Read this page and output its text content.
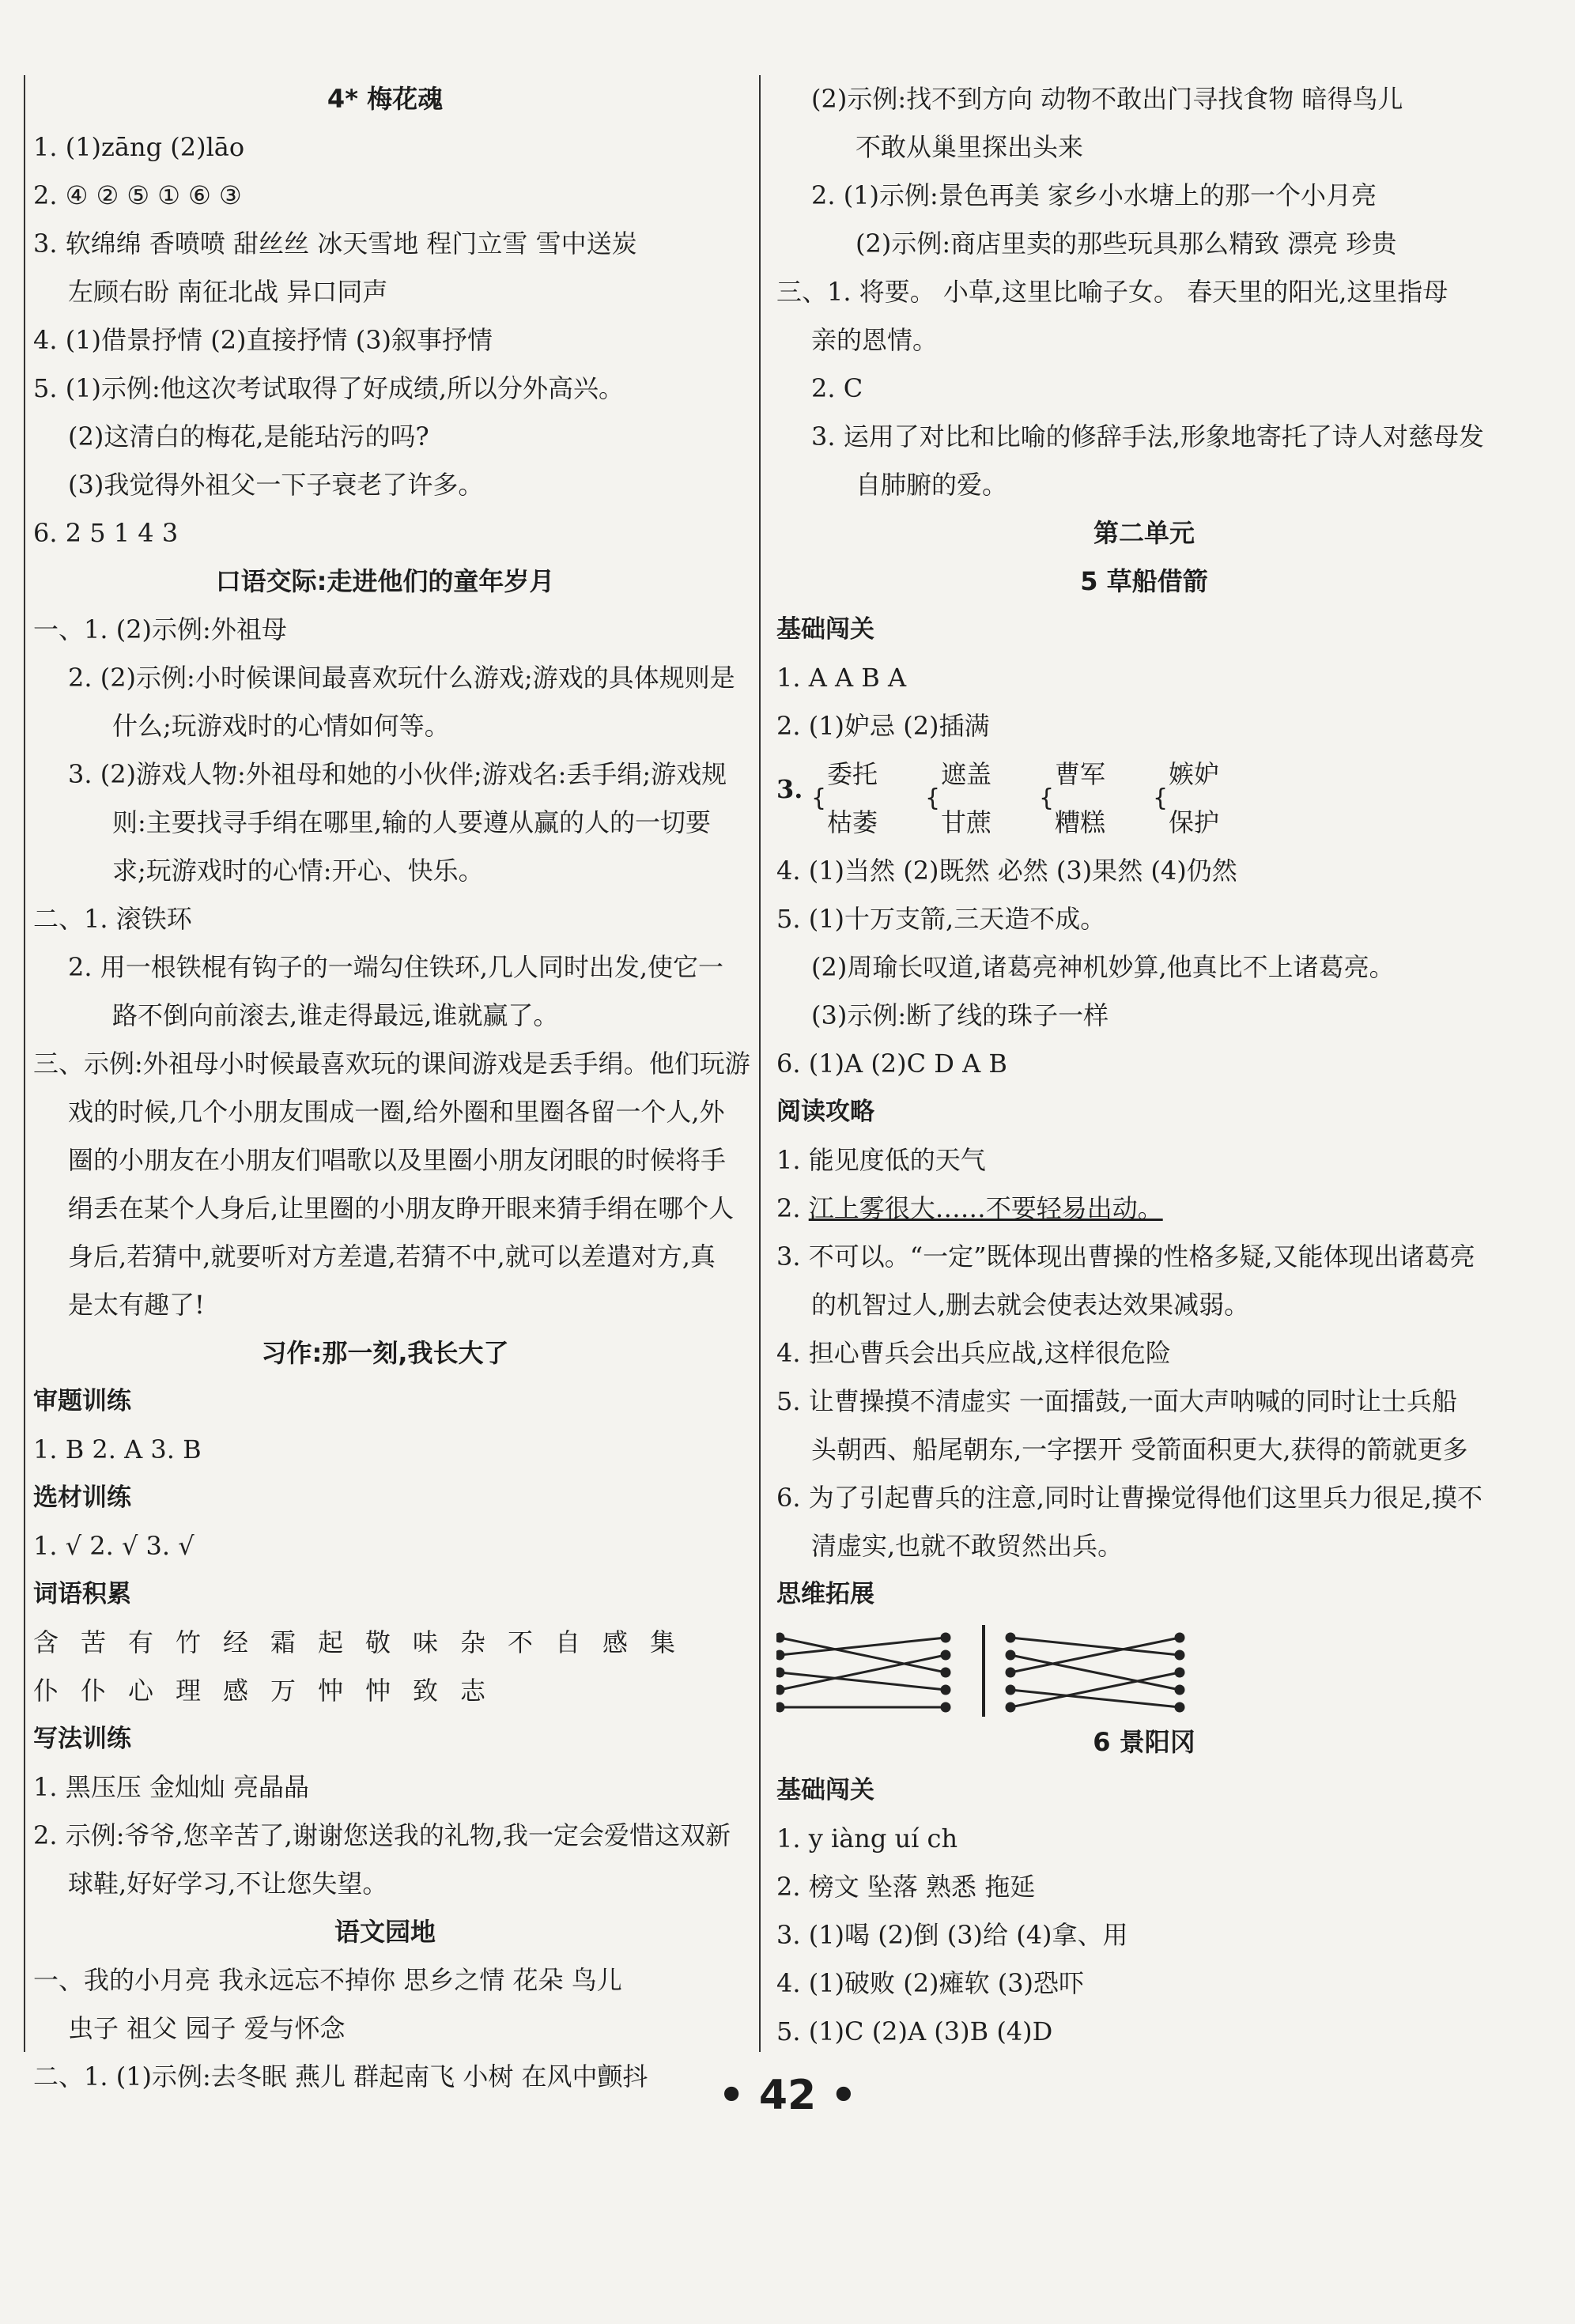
4* 梅花魂
1. (1)zāng (2)lāo
2. ④ ② ⑤ ① ⑥ ③
3. 软绵绵 香喷喷 甜丝丝 冰天雪地 程门立雪 雪中送炭
左顾右盼 南征北战 异口同声
4. (1)借景抒情 (2)直接抒情 (3)叙事抒情
5. (1)示例:他这次考试取得了好成绩,所以分外高兴。
(2)这清白的梅花,是能玷污的吗?
(3)我觉得外祖父一下子衰老了许多。
6. 2 5 1 4 3
口语交际:走进他们的童年岁月
一、1. (2)示例:外祖母
2. (2)示例:小时候课间最喜欢玩什么游戏;游戏的具体规则是
什么;玩游戏时的心情如何等。
3. (2)游戏人物:外祖母和她的小伙伴;游戏名:丢手绢;游戏规
则:主要找寻手绢在哪里,输的人要遵从赢的人的一切要
求;玩游戏时的心情:开心、快乐。
二、1. 滚铁环
2. 用一根铁棍有钩子的一端勾住铁环,几人同时出发,使它一
路不倒向前滚去,谁走得最远,谁就赢了。
三、示例:外祖母小时候最喜欢玩的课间游戏是丢手绢。他们玩游
戏的时候,几个小朋友围成一圈,给外圈和里圈各留一个人,外
圈的小朋友在小朋友们唱歌以及里圈小朋友闭眼的时候将手
绢丢在某个人身后,让里圈的小朋友睁开眼来猜手绢在哪个人
身后,若猜中,就要听对方差遣,若猜不中,就可以差遣对方,真
是太有趣了!
习作:那一刻,我长大了
审题训练
1. B 2. A 3. B
选材训练
1. √ 2. √ 3. √
词语积累
含苦有竹经霜起敬味杂不自感集
仆仆心理感万忡忡致志
写法训练
1. 黑压压 金灿灿 亮晶晶
2. 示例:爷爷,您辛苦了,谢谢您送我的礼物,我一定会爱惜这双新
球鞋,好好学习,不让您失望。
语文园地
一、我的小月亮 我永远忘不掉你 思乡之情 花朵 鸟儿
虫子 祖父 园子 爱与怀念
二、1. (1)示例:去冬眠 燕儿 群起南飞 小树 在风中颤抖
(2)示例:找不到方向 动物不敢出门寻找食物 暗得鸟儿
不敢从巢里探出头来
2. (1)示例:景色再美 家乡小水塘上的那一个小月亮
(2)示例:商店里卖的那些玩具那么精致 漂亮 珍贵
三、1. 将要。 小草,这里比喻子女。 春天里的阳光,这里指母
亲的恩情。
2. C
3. 运用了对比和比喻的修辞手法,形象地寄托了诗人对慈母发
自肺腑的爱。
第二单元
5 草船借箭
基础闯关
1. A A B A
2. (1)妒忌 (2)插满
3. {
委托
枯萎
{
遮盖
甘蔗
{
曹军
糟糕
{
嫉妒
保护
4. (1)当然 (2)既然 必然 (3)果然 (4)仍然
5. (1)十万支箭,三天造不成。
(2)周瑜长叹道,诸葛亮神机妙算,他真比不上诸葛亮。
(3)示例:断了线的珠子一样
6. (1)A (2)C D A B
阅读攻略
1. 能见度低的天气
2. 江上雾很大……不要轻易出动。
3. 不可以。“一定”既体现出曹操的性格多疑,又能体现出诸葛亮
的机智过人,删去就会使表达效果减弱。
4. 担心曹兵会出兵应战,这样很危险
5. 让曹操摸不清虚实 一面擂鼓,一面大声呐喊的同时让士兵船
头朝西、船尾朝东,一字摆开 受箭面积更大,获得的箭就更多
6. 为了引起曹兵的注意,同时让曹操觉得他们这里兵力很足,摸不
清虚实,也就不敢贸然出兵。
思维拓展
6 景阳冈
基础闯关
1. y iàng uí ch
2. 榜文 坠落 熟悉 拖延
3. (1)喝 (2)倒 (3)给 (4)拿、用
4. (1)破败 (2)瘫软 (3)恐吓
5. (1)C (2)A (3)B (4)D
• 42 •
